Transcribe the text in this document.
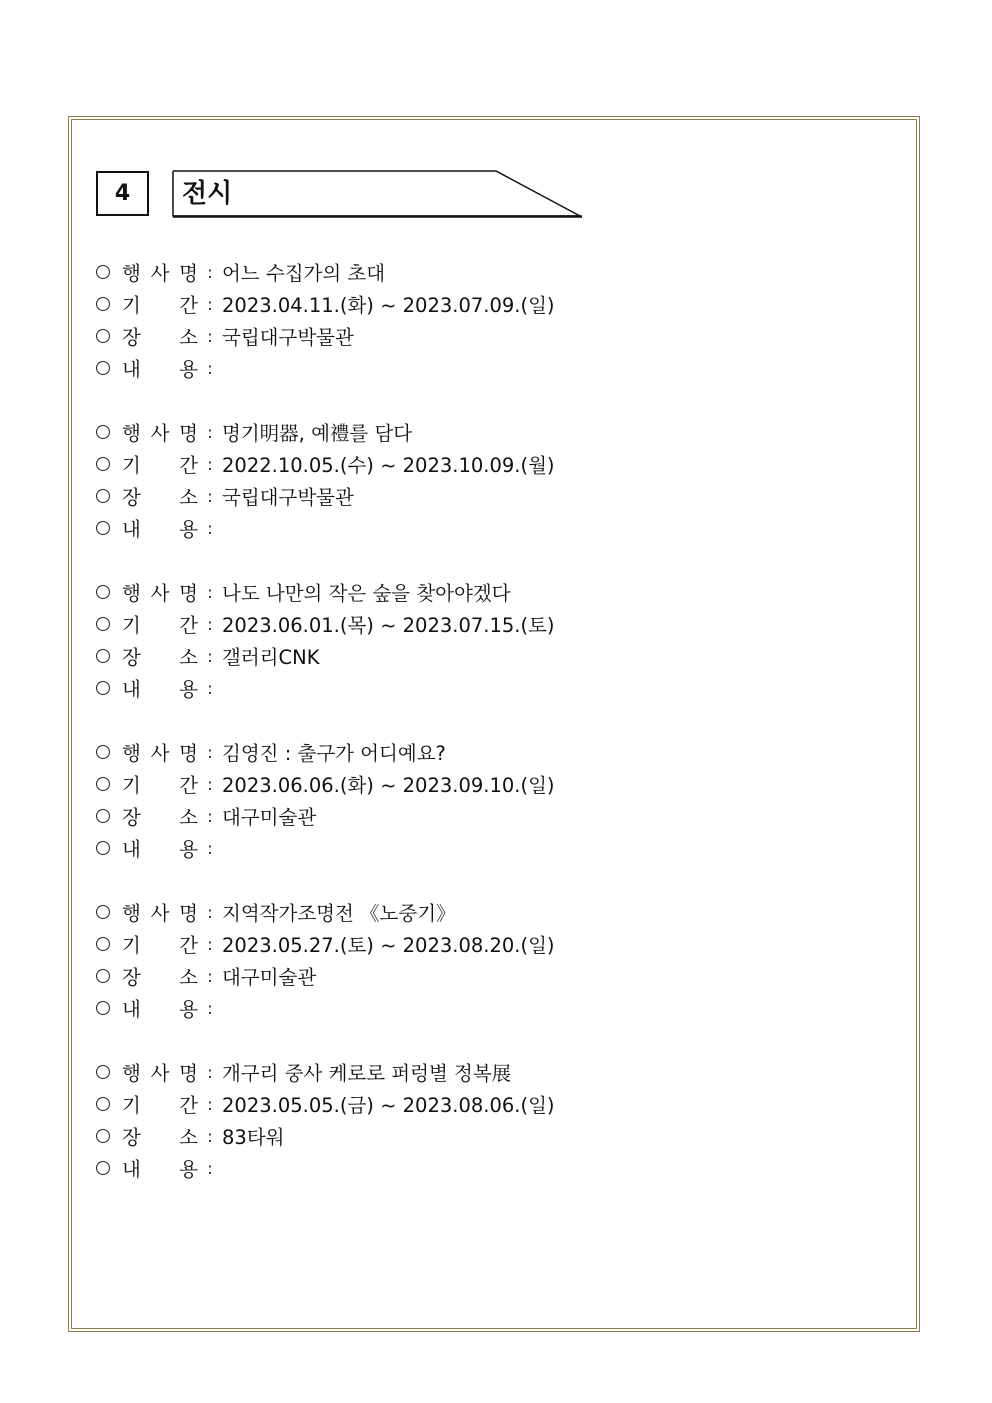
4	전시
행 사 명 : 어느 수집가의 초대
기 간 : 2023.04.11.(화) ~ 2023.07.09.(일)
장 소 : 국립대구박물관
내 용 :
행 사 명 : 명기明器, 예禮를 담다
기 간 : 2022.10.05.(수) ~ 2023.10.09.(월)
장 소 : 국립대구박물관
내 용 :
행 사 명 : 나도 나만의 작은 숲을 찾아야겠다
기 간 : 2023.06.01.(목) ~ 2023.07.15.(토)
장 소 : 갤러리CNK
내 용 :
행 사 명 : 김영진 : 출구가 어디예요?
기 간 : 2023.06.06.(화) ~ 2023.09.10.(일)
장 소 : 대구미술관
내 용 :
행 사 명 : 지역작가조명전 《노중기》
기 간 : 2023.05.27.(토) ~ 2023.08.20.(일)
장 소 : 대구미술관
내 용 :
행 사 명 : 개구리 중사 케로로 퍼렁별 정복展
기 간 : 2023.05.05.(금) ~ 2023.08.06.(일)
장 소 : 83타워
내 용 :
